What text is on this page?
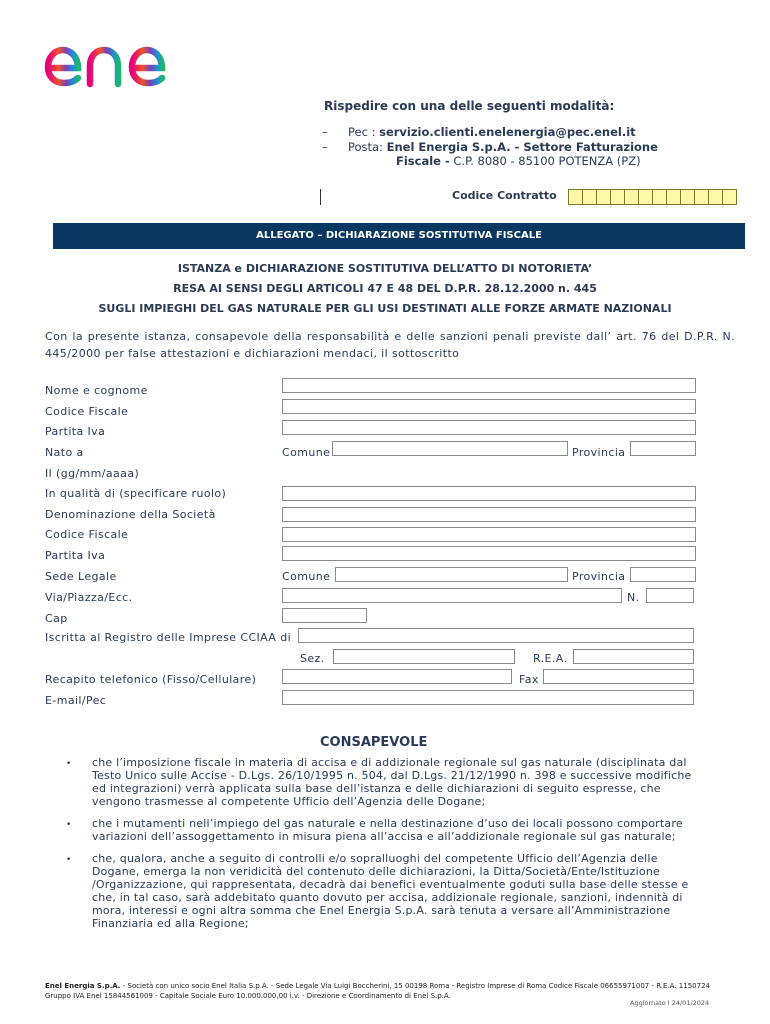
Rispedire con una delle seguenti modalità:
– Pec : servizio.clienti.enelenergia@pec.enel.it
– Posta: Enel Energia S.p.A. - Settore Fatturazione
Fiscale - C.P. 8080 - 85100 POTENZA (PZ)
Codice Contratto
ALLEGATO – DICHIARAZIONE SOSTITUTIVA FISCALE
ISTANZA e DICHIARAZIONE SOSTITUTIVA DELL’ATTO DI NOTORIETA’
RESA AI SENSI DEGLI ARTICOLI 47 E 48 DEL D.P.R. 28.12.2000 n. 445
SUGLI IMPIEGHI DEL GAS NATURALE PER GLI USI DESTINATI ALLE FORZE ARMATE NAZIONALI
Con la presente istanza, consapevole della responsabilità e delle sanzioni penali previste dall’ art. 76 del D.P.R. N. 445/2000 per false attestazioni e dichiarazioni mendaci, il sottoscritto
Nome e cognome
Codice Fiscale
Partita Iva
Nato a	Comune	Provincia
Il (gg/mm/aaaa)
In qualità di (specificare ruolo)
Denominazione della Società
Codice Fiscale
Partita Iva
Sede Legale	Comune	Provincia
Via/Piazza/Ecc.	N.
Cap
Iscritta al Registro delle Imprese CCIAA di
Sez.	R.E.A.
Recapito telefonico (Fisso/Cellulare)	Fax
E-mail/Pec
CONSAPEVOLE
• che l’imposizione fiscale in materia di accisa e di addizionale regionale sul gas naturale (disciplinata dal Testo Unico sulle Accise - D.Lgs. 26/10/1995 n. 504, dal D.Lgs. 21/12/1990 n. 398 e successive modifiche ed integrazioni) verrà applicata sulla base dell’istanza e delle dichiarazioni di seguito espresse, che vengono trasmesse al competente Ufficio dell’Agenzia delle Dogane;
• che i mutamenti nell’impiego del gas naturale e nella destinazione d’uso dei locali possono comportare variazioni dell’assoggettamento in misura piena all’accisa e all’addizionale regionale sul gas naturale;
• che, qualora, anche a seguito di controlli e/o sopralluoghi del competente Ufficio dell’Agenzia delle Dogane, emerga la non veridicità del contenuto delle dichiarazioni, la Ditta/Società/Ente/Istituzione /Organizzazione, qui rappresentata, decadrà dai benefici eventualmente goduti sulla base delle stesse e che, in tal caso, sarà addebitato quanto dovuto per accisa, addizionale regionale, sanzioni, indennità di mora, interessi e ogni altra somma che Enel Energia S.p.A. sarà tenuta a versare all’Amministrazione Finanziaria ed alla Regione;
Enel Energia S.p.A. - Società con unico socio Enel Italia S.p.A. - Sede Legale Via Luigi Boccherini, 15 00198 Roma - Registro Imprese di Roma Codice Fiscale 06655971007 - R.E.A. 1150724
Gruppo IVA Enel 15844561009 - Capitale Sociale Euro 10.000.000,00 i.v. - Direzione e Coordinamento di Enel S.p.A.
Aggiornato I 24/01/2024
